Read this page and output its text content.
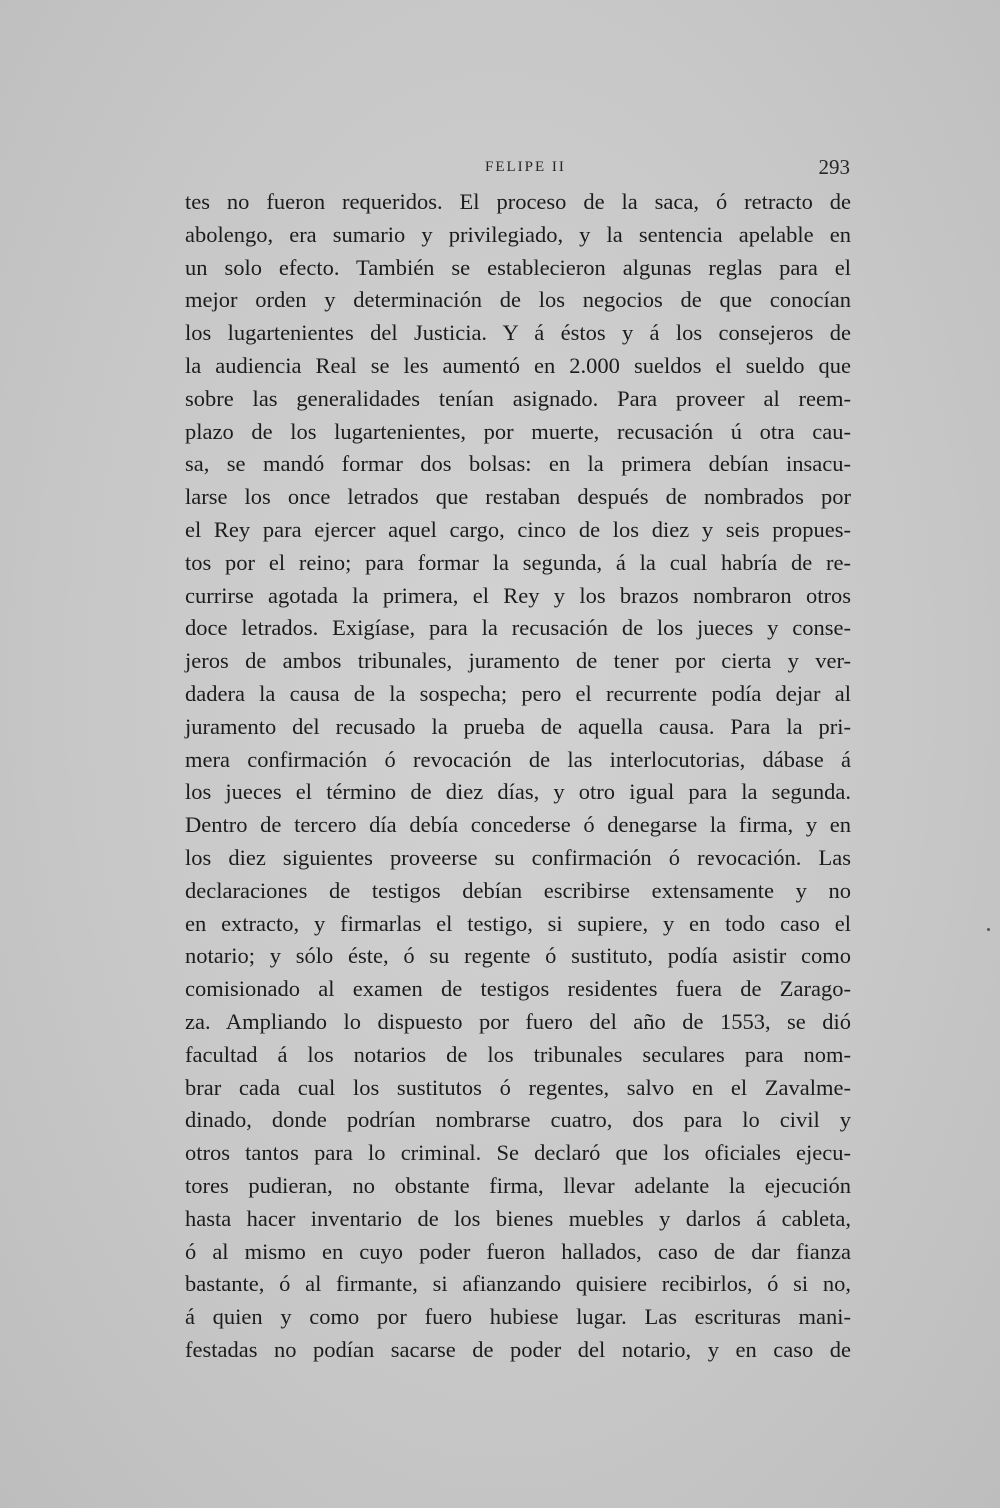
FELIPE II	293
tes no fueron requeridos. El proceso de la saca, ó retracto de
abolengo, era sumario y privilegiado, y la sentencia apelable en
un solo efecto. También se establecieron algunas reglas para el
mejor orden y determinación de los negocios de que conocían
los lugartenientes del Justicia. Y á éstos y á los consejeros de
la audiencia Real se les aumentó en 2.000 sueldos el sueldo que
sobre las generalidades tenían asignado. Para proveer al reem-
plazo de los lugartenientes, por muerte, recusación ú otra cau-
sa, se mandó formar dos bolsas: en la primera debían insacu-
larse los once letrados que restaban después de nombrados por
el Rey para ejercer aquel cargo, cinco de los diez y seis propues-
tos por el reino; para formar la segunda, á la cual habría de re-
currirse agotada la primera, el Rey y los brazos nombraron otros
doce letrados. Exigíase, para la recusación de los jueces y conse-
jeros de ambos tribunales, juramento de tener por cierta y ver-
dadera la causa de la sospecha; pero el recurrente podía dejar al
juramento del recusado la prueba de aquella causa. Para la pri-
mera confirmación ó revocación de las interlocutorias, dábase á
los jueces el término de diez días, y otro igual para la segunda.
Dentro de tercero día debía concederse ó denegarse la firma, y en
los diez siguientes proveerse su confirmación ó revocación. Las
declaraciones de testigos debían escribirse extensamente y no
en extracto, y firmarlas el testigo, si supiere, y en todo caso el
notario; y sólo éste, ó su regente ó sustituto, podía asistir como
comisionado al examen de testigos residentes fuera de Zarago-
za. Ampliando lo dispuesto por fuero del año de 1553, se dió
facultad á los notarios de los tribunales seculares para nom-
brar cada cual los sustitutos ó regentes, salvo en el Zavalme-
dinado, donde podrían nombrarse cuatro, dos para lo civil y
otros tantos para lo criminal. Se declaró que los oficiales ejecu-
tores pudieran, no obstante firma, llevar adelante la ejecución
hasta hacer inventario de los bienes muebles y darlos á cableta,
ó al mismo en cuyo poder fueron hallados, caso de dar fianza
bastante, ó al firmante, si afianzando quisiere recibirlos, ó si no,
á quien y como por fuero hubiese lugar. Las escrituras mani-
festadas no podían sacarse de poder del notario, y en caso de
